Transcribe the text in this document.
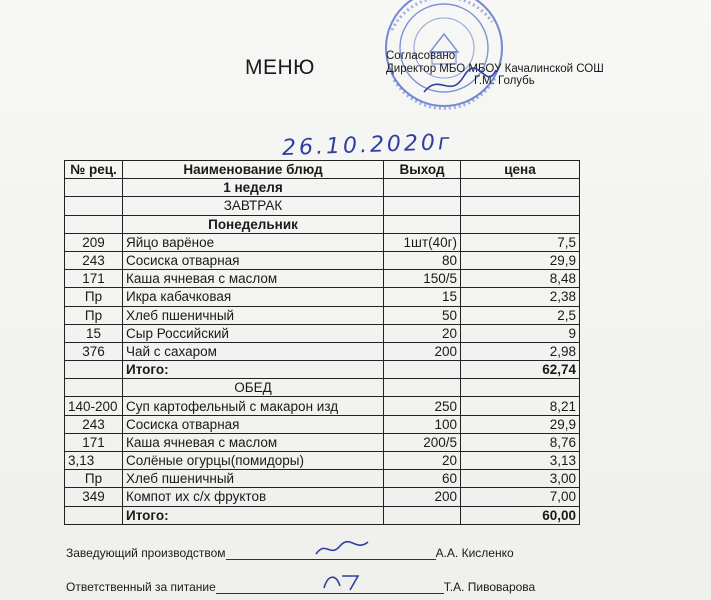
МЕНЮ	Согласовано
Директор МБО МБОУ Качалинской СОШ
Г.М. Голубь
26.10.2020г
№ рец.	Наименование блюд	Выход	цена
	1 неделя		
	ЗАВТРАК		
	Понедельник		
209	Яйцо варёное	1шт(40г)	7,5
243	Сосиска отварная	80	29,9
171	Каша ячневая с маслом	150/5	8,48
Пр	Икра кабачковая	15	2,38
Пр	Хлеб пшеничный	50	2,5
15	Сыр Российский	20	9
376	Чай с сахаром	200	2,98
	Итого:		62,74
	ОБЕД		
140-200	Суп картофельный с макарон изд	250	8,21
243	Сосиска отварная	100	29,9
171	Каша ячневая с маслом	200/5	8,76
3,13	Солёные огурцы(помидоры)	20	3,13
Пр	Хлеб пшеничный	60	3,00
349	Компот их с/х фруктов	200	7,00
	Итого:		60,00
Заведующий производством	А.А. Кисленко
Ответственный за питание	Т.А. Пивоварова
